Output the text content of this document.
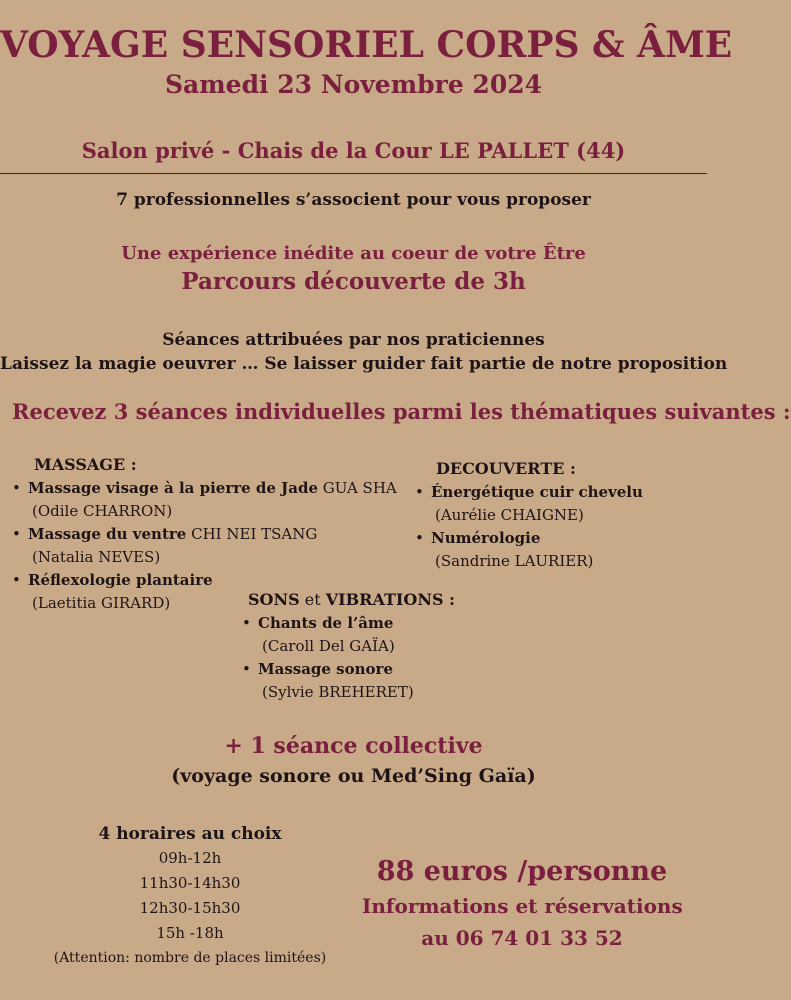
VOYAGE SENSORIEL CORPS & ÂME
Samedi 23 Novembre 2024
Salon privé - Chais de la Cour LE PALLET (44)
7 professionnelles s’associent pour vous proposer
Une expérience inédite au coeur de votre Être
Parcours découverte de 3h
Séances attribuées par nos praticiennes
Laissez la magie oeuvrer … Se laisser guider fait partie de notre proposition
Recevez 3 séances individuelles parmi les thématiques suivantes :
MASSAGE :
• Massage visage à la pierre de Jade GUA SHA
(Odile CHARRON)
• Massage du ventre CHI NEI TSANG
(Natalia NEVES)
• Réflexologie plantaire
(Laetitia GIRARD)
DECOUVERTE :
• Énergétique cuir chevelu
(Aurélie CHAIGNE)
• Numérologie
(Sandrine LAURIER)
SONS et VIBRATIONS :
• Chants de l’âme
(Caroll Del GAÏA)
• Massage sonore
(Sylvie BREHERET)
+ 1 séance collective
(voyage sonore ou Med’Sing Gaïa)
4 horaires au choix
09h-12h
11h30-14h30
12h30-15h30
15h -18h
(Attention: nombre de places limitées)
88 euros /personne
Informations et réservations
au 06 74 01 33 52
